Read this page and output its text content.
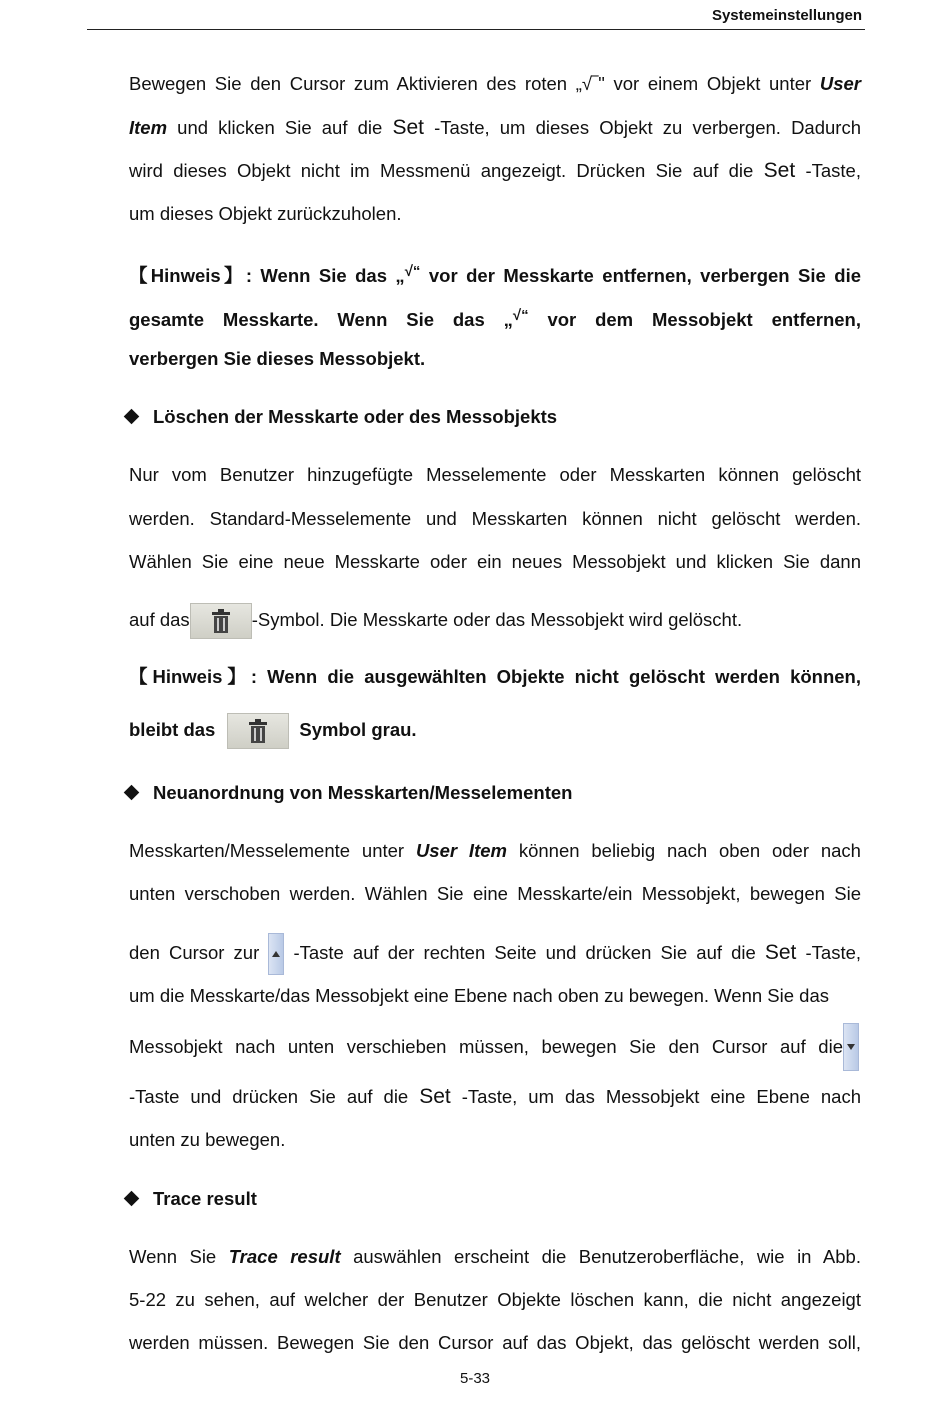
Systemeinstellungen
Bewegen Sie den Cursor zum Aktivieren des roten „√‾" vor einem Objekt unter User
Item und klicken Sie auf die Set -Taste, um dieses Objekt zu verbergen. Dadurch
wird dieses Objekt nicht im Messmenü angezeigt. Drücken Sie auf die Set -Taste,
um dieses Objekt zurückzuholen.
【Hinweis】: Wenn Sie das „√“ vor der Messkarte entfernen, verbergen Sie die
gesamte Messkarte. Wenn Sie das „√“ vor dem Messobjekt entfernen,
verbergen Sie dieses Messobjekt.
Löschen der Messkarte oder des Messobjekts
Nur vom Benutzer hinzugefügte Messelemente oder Messkarten können gelöscht
werden. Standard-Messelemente und Messkarten können nicht gelöscht werden.
Wählen Sie eine neue Messkarte oder ein neues Messobjekt und klicken Sie dann
auf das	-Symbol. Die Messkarte oder das Messobjekt wird gelöscht.
【Hinweis】: Wenn die ausgewählten Objekte nicht gelöscht werden können,
bleibt das	Symbol grau.
Neuanordnung von Messkarten/Messelementen
Messkarten/Messelemente unter User Item können beliebig nach oben oder nach
unten verschoben werden. Wählen Sie eine Messkarte/ein Messobjekt, bewegen Sie
den Cursor zur -Taste auf der rechten Seite und drücken Sie auf die Set -Taste,
um die Messkarte/das Messobjekt eine Ebene nach oben zu bewegen. Wenn Sie das
Messobjekt nach unten verschieben müssen, bewegen Sie den Cursor auf die
-Taste und drücken Sie auf die Set -Taste, um das Messobjekt eine Ebene nach
unten zu bewegen.
Trace result
Wenn Sie Trace result auswählen erscheint die Benutzeroberfläche, wie in Abb.
5-22 zu sehen, auf welcher der Benutzer Objekte löschen kann, die nicht angezeigt
werden müssen. Bewegen Sie den Cursor auf das Objekt, das gelöscht werden soll,
5-33
